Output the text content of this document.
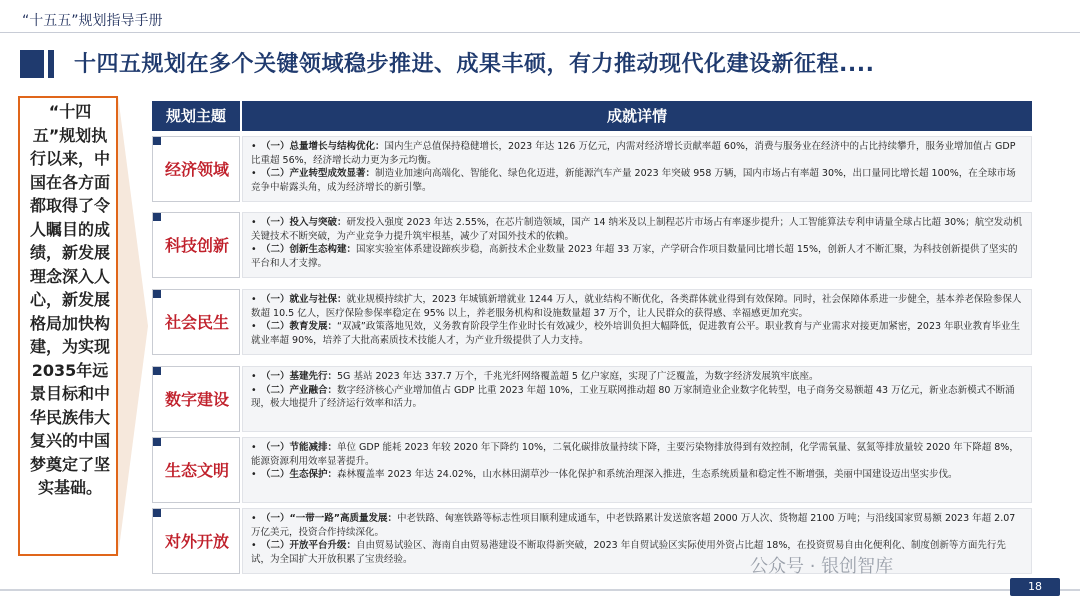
“十五五”规划指导手册
十四五规划在多个关键领域稳步推进、成果丰硕，有力推动现代化建设新征程....
“十四五”规划执行以来，中国在各方面都取得了令人瞩目的成绩，新发展理念深入人心，新发展格局加快构建，为实现2035年远景目标和中华民族伟大复兴的中国梦奠定了坚实基础。
规划主题	成就详情
经济领域
• （一）总量增长与结构优化：国内生产总值保持稳健增长，2023 年达 126 万亿元，内需对经济增长贡献率超 60%，消费与服务业在经济中的占比持续攀升，服务业增加值占 GDP 比重超 56%，经济增长动力更为多元均衡。
• （二）产业转型成效显著：制造业加速向高端化、智能化、绿色化迈进，新能源汽车产量 2023 年突破 958 万辆，国内市场占有率超 30%，出口量同比增长超 100%，在全球市场竞争中崭露头角，成为经济增长的新引擎。
科技创新
• （一）投入与突破：研发投入强度 2023 年达 2.55%，在芯片制造领域，国产 14 纳米及以上制程芯片市场占有率逐步提升；人工智能算法专利申请量全球占比超 30%；航空发动机关键技术不断突破，为产业竞争力提升筑牢根基，减少了对国外技术的依赖。
• （二）创新生态构建：国家实验室体系建设蹄疾步稳，高新技术企业数量 2023 年超 33 万家，产学研合作项目数量同比增长超 15%，创新人才不断汇聚，为科技创新提供了坚实的平台和人才支撑。
社会民生
• （一）就业与社保：就业规模持续扩大，2023 年城镇新增就业 1244 万人，就业结构不断优化，各类群体就业得到有效保障。同时，社会保障体系进一步健全，基本养老保险参保人数超 10.5 亿人，医疗保险参保率稳定在 95% 以上，养老服务机构和设施数量超 37 万个，让人民群众的获得感、幸福感更加充实。
• （二）教育发展：“双减”政策落地见效，义务教育阶段学生作业时长有效减少，校外培训负担大幅降低，促进教育公平。职业教育与产业需求对接更加紧密，2023 年职业教育毕业生就业率超 90%，培养了大批高素质技术技能人才，为产业升级提供了人力支持。
数字建设
• （一）基建先行：5G 基站 2023 年达 337.7 万个，千兆光纤网络覆盖超 5 亿户家庭，实现了广泛覆盖，为数字经济发展筑牢底座。
• （二）产业融合：数字经济核心产业增加值占 GDP 比重 2023 年超 10%，工业互联网推动超 80 万家制造业企业数字化转型，电子商务交易额超 43 万亿元，新业态新模式不断涌现，极大地提升了经济运行效率和活力。
生态文明
• （一）节能减排：单位 GDP 能耗 2023 年较 2020 年下降约 10%，二氧化碳排放量持续下降，主要污染物排放得到有效控制，化学需氧量、氨氮等排放量较 2020 年下降超 8%，能源资源利用效率显著提升。
• （二）生态保护：森林覆盖率 2023 年达 24.02%，山水林田湖草沙一体化保护和系统治理深入推进，生态系统质量和稳定性不断增强，美丽中国建设迈出坚实步伐。
对外开放
• （一）“一带一路”高质量发展：中老铁路、匈塞铁路等标志性项目顺利建成通车，中老铁路累计发送旅客超 2000 万人次、货物超 2100 万吨；与沿线国家贸易额 2023 年超 2.07 万亿美元，投资合作持续深化。
• （二）开放平台升级：自由贸易试验区、海南自由贸易港建设不断取得新突破，2023 年自贸试验区实际使用外资占比超 18%，在投资贸易自由化便利化、制度创新等方面先行先试，为全国扩大开放积累了宝贵经验。	公众号 · 银创智库
18
